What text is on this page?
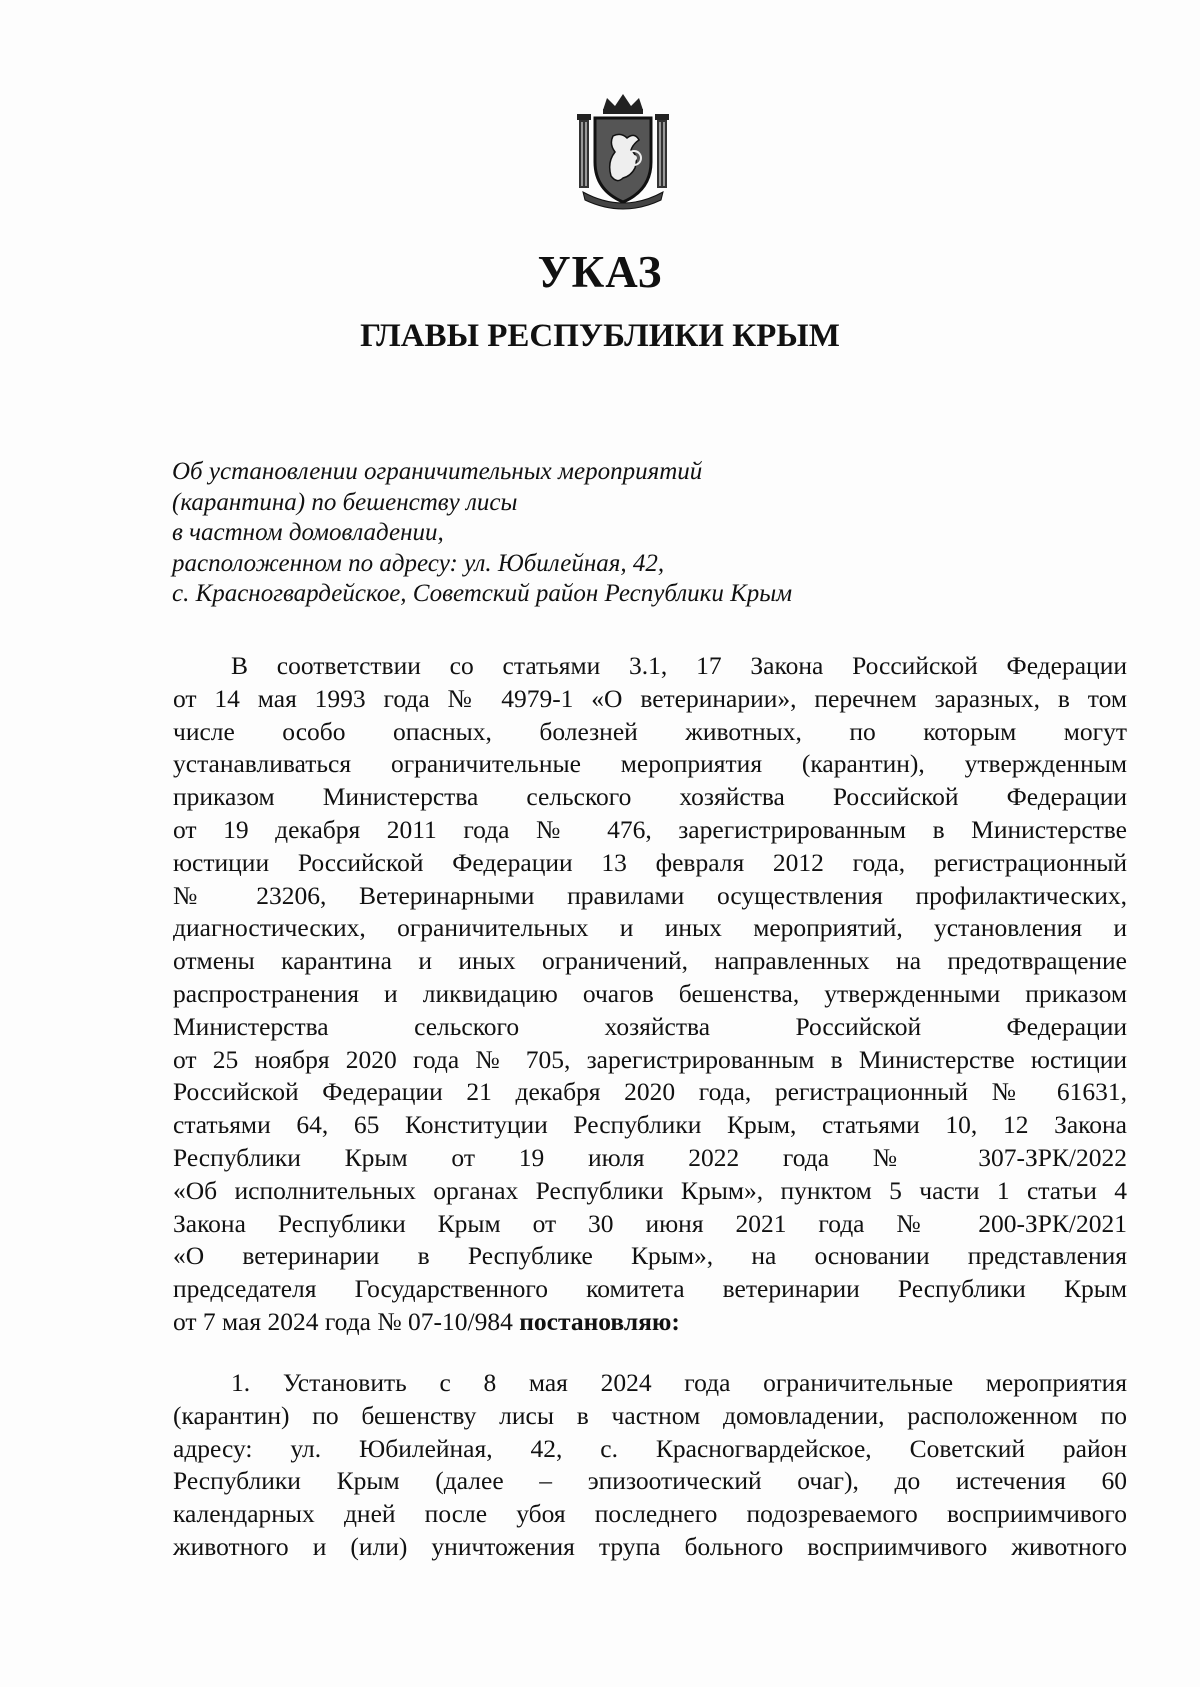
УКАЗ
ГЛАВЫ РЕСПУБЛИКИ КРЫМ
Об установлении ограничительных мероприятий
(карантина) по бешенству лисы
в частном домовладении,
расположенном по адресу: ул. Юбилейная, 42,
с. Красногвардейское, Советский район Республики Крым
В соответствии со статьями 3.1, 17 Закона Российской Федерации
от 14 мая 1993 года № 4979-1 «О ветеринарии», перечнем заразных, в том
числе особо опасных, болезней животных, по которым могут
устанавливаться ограничительные мероприятия (карантин), утвержденным
приказом Министерства сельского хозяйства Российской Федерации
от 19 декабря 2011 года № 476, зарегистрированным в Министерстве
юстиции Российской Федерации 13 февраля 2012 года, регистрационный
№ 23206, Ветеринарными правилами осуществления профилактических,
диагностических, ограничительных и иных мероприятий, установления и
отмены карантина и иных ограничений, направленных на предотвращение
распространения и ликвидацию очагов бешенства, утвержденными приказом
Министерства сельского хозяйства Российской Федерации
от 25 ноября 2020 года № 705, зарегистрированным в Министерстве юстиции
Российской Федерации 21 декабря 2020 года, регистрационный № 61631,
статьями 64, 65 Конституции Республики Крым, статьями 10, 12 Закона
Республики Крым от 19 июля 2022 года № 307-ЗРК/2022
«Об исполнительных органах Республики Крым», пунктом 5 части 1 статьи 4
Закона Республики Крым от 30 июня 2021 года № 200-ЗРК/2021
«О ветеринарии в Республике Крым», на основании представления
председателя Государственного комитета ветеринарии Республики Крым
от 7 мая 2024 года № 07-10/984 постановляю:
1. Установить с 8 мая 2024 года ограничительные мероприятия
(карантин) по бешенству лисы в частном домовладении, расположенном по
адресу: ул. Юбилейная, 42, с. Красногвардейское, Советский район
Республики Крым (далее – эпизоотический очаг), до истечения 60
календарных дней после убоя последнего подозреваемого восприимчивого
животного и (или) уничтожения трупа больного восприимчивого животного
